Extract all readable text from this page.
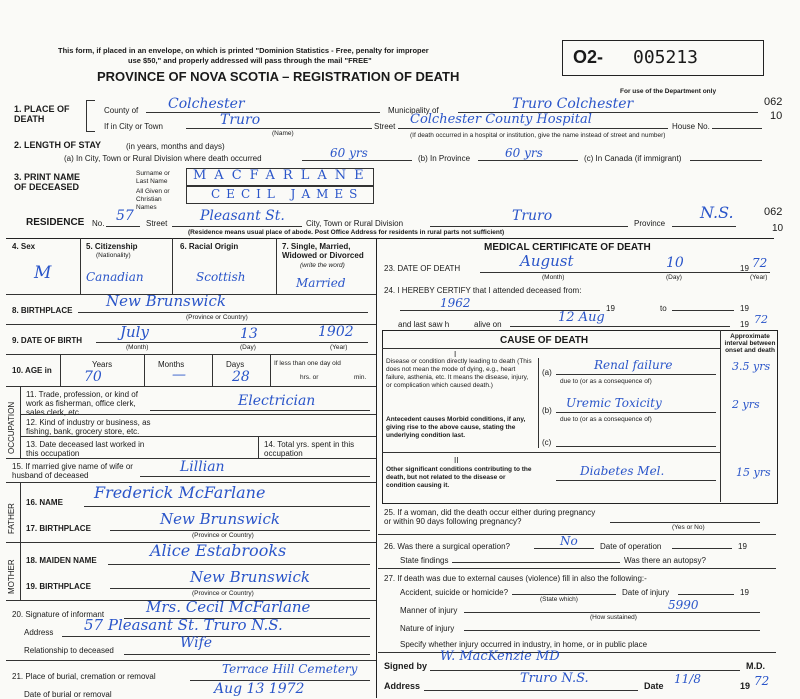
This form, if placed in an envelope, on which is printed "Dominion Statistics - Free, penalty for improper
use $50," and properly addressed will pass through the mail "FREE"
PROVINCE OF NOVA SCOTIA – REGISTRATION OF DEATH
O2- 005213
For use of the Department only
062
10
1. PLACE OF DEATH
County of Colchester	Municipality of	Truro Colchester
If in City or Town	Truro
(Name)
Street Colchester County Hospital	House No.
(If death occurred in a hospital or institution, give the name instead of street and number)
2. LENGTH OF STAY	(in years, months and days)
(a) In City, Town or Rural Division where death occurred	60 yrs	(b) In Province	60 yrs	(c) In Canada (if immigrant)
3. PRINT NAME OF DECEASED
Surname or Last Name
All Given or Christian Names
MACFARLANE
CECIL JAMES
RESIDENCE No. 57 Street Pleasant St.	City, Town or Rural Division	Truro	Province
N.S.	062
10
(Residence means usual place of abode. Post Office Address for residents in rural parts not sufficient)
4. Sex
M
5. Citizenship
(Nationality)
Canadian
6. Racial Origin
Scottish
7. Single, Married, Widowed or Divorced
(write the word)
Married
8. BIRTHPLACE
New Brunswick
(Province or Country)
9. DATE OF BIRTH	July	13	1902
(Month)	(Day)	(Year)
10. AGE in
Years
70
Months
—
Days
28
If less than one day old
hrs. or	min.
OCCUPATION
11. Trade, profession, or kind of work as fisherman, office clerk, sales clerk, etc.
Electrician
12. Kind of industry or business, as fishing, bank, grocery store, etc.
13. Date deceased last worked in this occupation
14. Total yrs. spent in this occupation
15. If married give name of wife or husband of deceased
Lillian
FATHER
16. NAME
Frederick McFarlane
17. BIRTHPLACE
New Brunswick
(Province or Country)
MOTHER 18. MAIDEN NAME
Alice Estabrooks
19. BIRTHPLACE
New Brunswick
(Province or Country)
20. Signature of informant	Mrs. Cecil McFarlane
Address 57 Pleasant St. Truro N.S.
Relationship to deceased	Wife
21. Place of burial, cremation or removal
Terrace Hill Cemetery
Date of burial or removal	Aug 13 1972
MEDICAL CERTIFICATE OF DEATH
23. DATE OF DEATH	August	10	19 72
(Month)	(Day)	(Year)
24. I HEREBY CERTIFY that I attended deceased from:
1962	19	to	19
and last saw h	alive on	12 Aug	19 72
CAUSE OF DEATH	Approximate interval between onset and death
I
Disease or condition directly leading to death (This does not mean the mode of dying, e.g., heart failure, asthenia, etc. It means the disease, injury, or complication which caused death.)
(a)
Renal failure	3.5 yrs
due to (or as a consequence of)
Antecedent causes Morbid conditions, if any, giving rise to the above cause, stating the underlying condition last.
(b)
Uremic Toxicity	2 yrs
due to (or as a consequence of)
(c)
II
Other significant conditions contributing to the death, but not related to the disease or condition causing it.
Diabetes Mel.	15 yrs
25. If a woman, did the death occur either during pregnancy or within 90 days following pregnancy?
(Yes or No)
26. Was there a surgical operation?	No	Date of operation	19
State findings	Was there an autopsy?
27. If death was due to external causes (violence) fill in also the following:-
Accident, suicide or homicide?
(State which)
Date of injury	19
Manner of injury	5990
(How sustained)
Nature of injury
Specify whether injury occurred in industry, in home, or in public place
Signed by
W. MacKenzie MD
M.D.
Address	Truro N.S.	Date 11/8	19 72
